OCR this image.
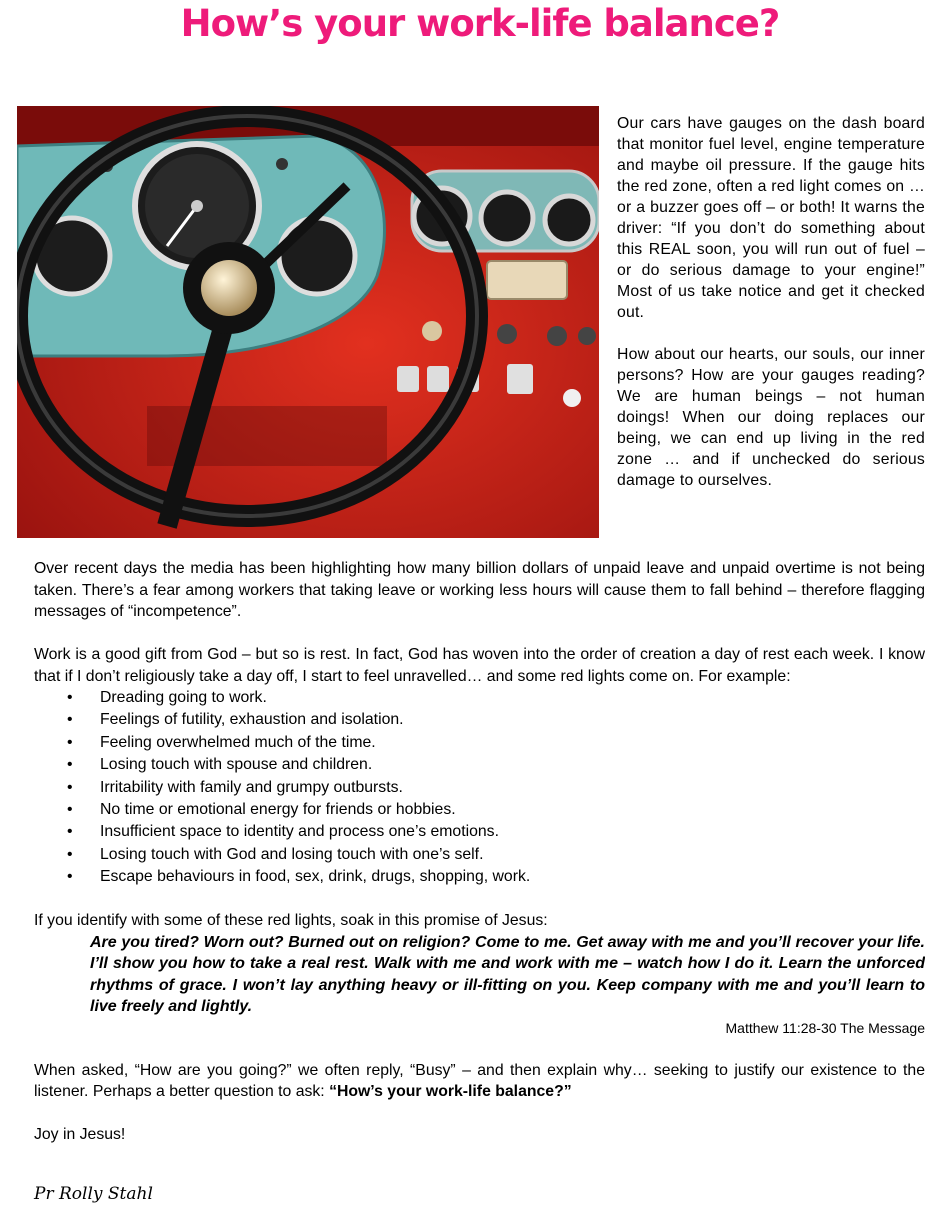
How’s your work-life balance?

Our cars have gauges on the dash board that monitor fuel level, engine temperature and maybe oil pressure. If the gauge hits the red zone, often a red light comes on … or a buzzer goes off – or both! It warns the driver: “If you don’t do something about this REAL soon, you will run out of fuel – or do serious damage to your engine!” Most of us take notice and get it checked out.

How about our hearts, our souls, our inner persons? How are your gauges reading? We are human beings – not human doings! When our doing replaces our being, we can end up living in the red zone … and if unchecked do serious damage to ourselves.

Over recent days the media has been highlighting how many billion dollars of unpaid leave and unpaid overtime is not being taken. There’s a fear among workers that taking leave or working less hours will cause them to fall behind – therefore flagging messages of “incompetence”.

Work is a good gift from God – but so is rest. In fact, God has woven into the order of creation a day of rest each week. I know that if I don’t religiously take a day off, I start to feel unravelled… and some red lights come on. For example:

• Dreading going to work.
• Feelings of futility, exhaustion and isolation.
• Feeling overwhelmed much of the time.
• Losing touch with spouse and children.
• Irritability with family and grumpy outbursts.
• No time or emotional energy for friends or hobbies.
• Insufficient space to identity and process one’s emotions.
• Losing touch with God and losing touch with one’s self.
• Escape behaviours in food, sex, drink, drugs, shopping, work.

If you identify with some of these red lights, soak in this promise of Jesus:

Are you tired? Worn out? Burned out on religion? Come to me. Get away with me and you’ll recover your life. I’ll show you how to take a real rest. Walk with me and work with me – watch how I do it. Learn the unforced rhythms of grace. I won’t lay anything heavy or ill-fitting on you. Keep company with me and you’ll learn to live freely and lightly.
Matthew 11:28-30 The Message

When asked, “How are you going?” we often reply, “Busy” – and then explain why… seeking to justify our existence to the listener. Perhaps a better question to ask: “How’s your work-life balance?”

Joy in Jesus!

Pr Rolly Stahl
